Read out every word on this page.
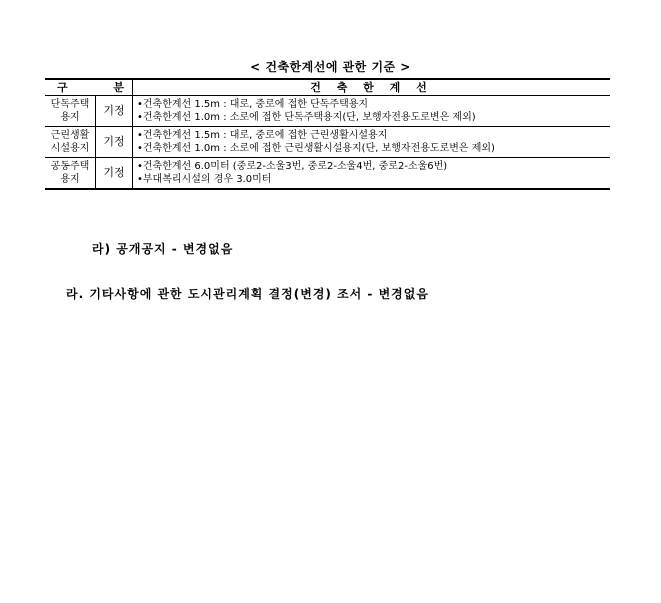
< 건축한계선에 관한 기준 >
구 분		건 축 한 계 선

단독주택
용지	기정	•건축한계선 1.5m : 대로, 중로에 접한 단독주택용지
•건축한계선 1.0m : 소로에 접한 단독주택용지(단, 보행자전용도로변은 제외)

근린생활
시설용지	기정	•건축한계선 1.5m : 대로, 중로에 접한 근린생활시설용지
•건축한계선 1.0m : 소로에 접한 근린생활시설용지(단, 보행자전용도로변은 제외)

공동주택
용지	기정	•건축한계선 6.0미터 (중로2-소울3번, 중로2-소울4번, 중로2-소울6번)
•부대복리시설의 경우 3.0미터
라) 공개공지 - 변경없음
라. 기타사항에 관한 도시관리계획 결정(변경) 조서 - 변경없음
